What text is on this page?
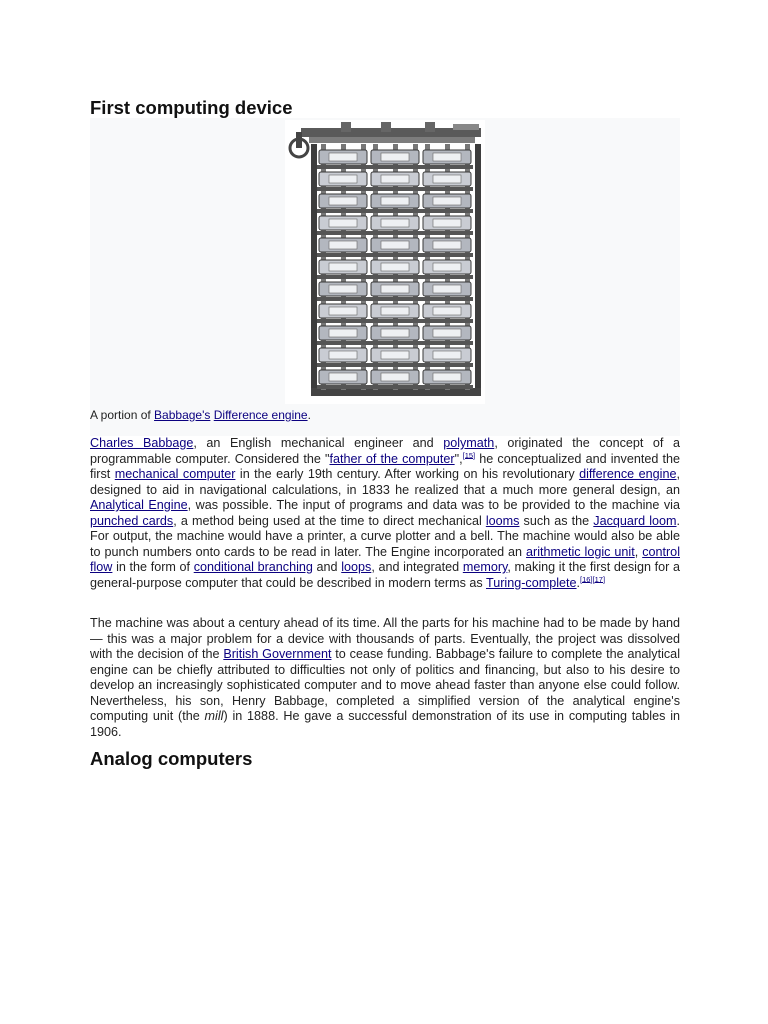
First computing device
A portion of Babbage's Difference engine.

Charles Babbage, an English mechanical engineer and polymath, originated the concept of a programmable computer. Considered the "father of the computer",[15] he conceptualized and invented the first mechanical computer in the early 19th century. After working on his revolutionary difference engine, designed to aid in navigational calculations, in 1833 he realized that a much more general design, an Analytical Engine, was possible. The input of programs and data was to be provided to the machine via punched cards, a method being used at the time to direct mechanical looms such as the Jacquard loom. For output, the machine would have a printer, a curve plotter and a bell. The machine would also be able to punch numbers onto cards to be read in later. The Engine incorporated an arithmetic logic unit, control flow in the form of conditional branching and loops, and integrated memory, making it the first design for a general-purpose computer that could be described in modern terms as Turing-complete.[16][17]

The machine was about a century ahead of its time. All the parts for his machine had to be made by hand — this was a major problem for a device with thousands of parts. Eventually, the project was dissolved with the decision of the British Government to cease funding. Babbage's failure to complete the analytical engine can be chiefly attributed to difficulties not only of politics and financing, but also to his desire to develop an increasingly sophisticated computer and to move ahead faster than anyone else could follow. Nevertheless, his son, Henry Babbage, completed a simplified version of the analytical engine's computing unit (the mill) in 1888. He gave a successful demonstration of its use in computing tables in 1906.

Analog computers
